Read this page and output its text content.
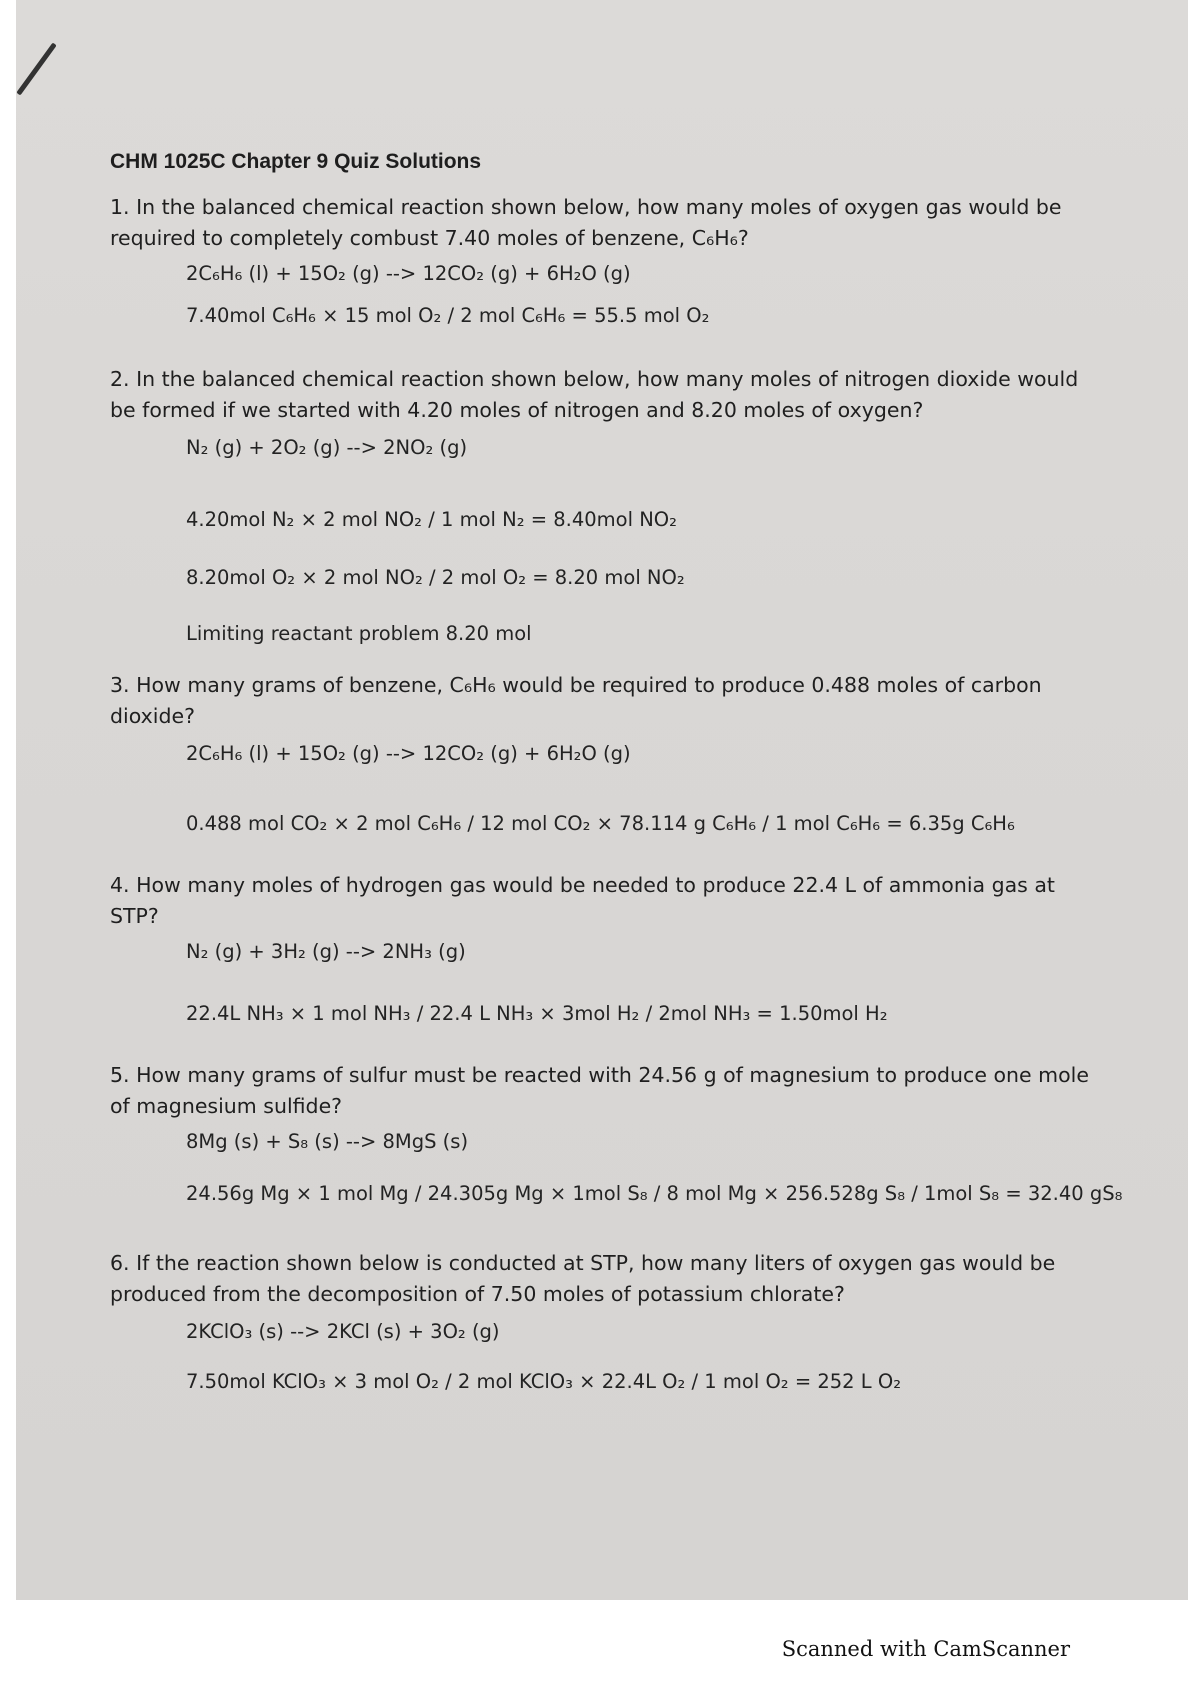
CHM 1025C Chapter 9 Quiz Solutions
1. In the balanced chemical reaction shown below, how many moles of oxygen gas would be required to completely combust 7.40 moles of benzene, C₆H₆?
2C₆H₆ (l) + 15O₂ (g) --> 12CO₂ (g) + 6H₂O (g)
7.40mol C₆H₆ × 15 mol O₂ / 2 mol C₆H₆ = 55.5 mol O₂
2. In the balanced chemical reaction shown below, how many moles of nitrogen dioxide would be formed if we started with 4.20 moles of nitrogen and 8.20 moles of oxygen?
N₂ (g) + 2O₂ (g) --> 2NO₂ (g)
4.20mol N₂ × 2 mol NO₂ / 1 mol N₂ = 8.40mol NO₂
8.20mol O₂ × 2 mol NO₂ / 2 mol O₂ = 8.20 mol NO₂
Limiting reactant problem 8.20 mol
3. How many grams of benzene, C₆H₆ would be required to produce 0.488 moles of carbon dioxide?
2C₆H₆ (l) + 15O₂ (g) --> 12CO₂ (g) + 6H₂O (g)
0.488 mol CO₂ × 2 mol C₆H₆ / 12 mol CO₂ × 78.114 g C₆H₆ / 1 mol C₆H₆ = 6.35g C₆H₆
4. How many moles of hydrogen gas would be needed to produce 22.4 L of ammonia gas at STP?
N₂ (g) + 3H₂ (g) --> 2NH₃ (g)
22.4L NH₃ × 1 mol NH₃ / 22.4 L NH₃ × 3mol H₂ / 2mol NH₃ = 1.50mol H₂
5. How many grams of sulfur must be reacted with 24.56 g of magnesium to produce one mole of magnesium sulfide?
8Mg (s) + S₈ (s) --> 8MgS (s)
24.56g Mg × 1 mol Mg / 24.305g Mg × 1mol S₈ / 8 mol Mg × 256.528g S₈ / 1mol S₈ = 32.40 gS₈
6. If the reaction shown below is conducted at STP, how many liters of oxygen gas would be produced from the decomposition of 7.50 moles of potassium chlorate?
2KClO₃ (s) --> 2KCl (s) + 3O₂ (g)
7.50mol KClO₃ × 3 mol O₂ / 2 mol KClO₃ × 22.4L O₂ / 1 mol O₂ = 252 L O₂
Scanned with CamScanner
